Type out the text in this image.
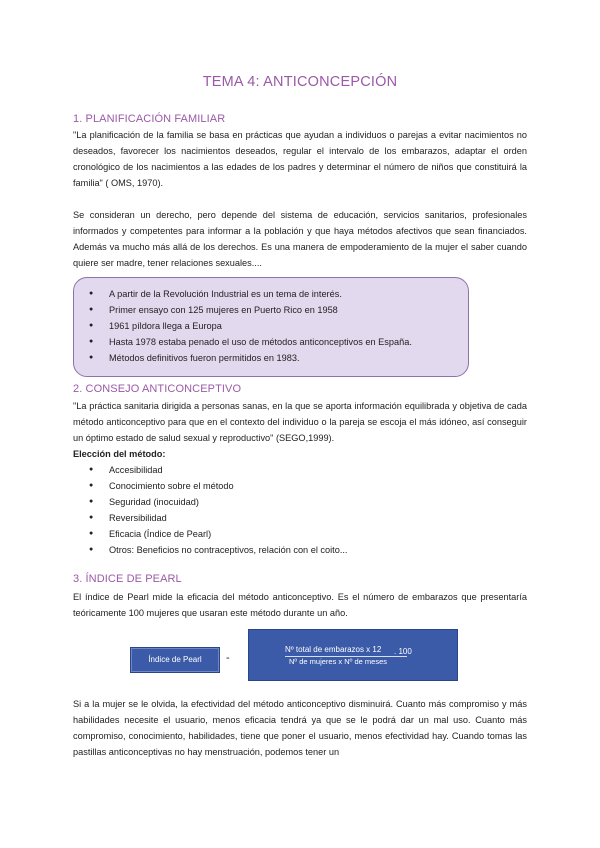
TEMA 4: ANTICONCEPCIÓN
1. PLANIFICACIÓN FAMILIAR
"La planificación de la familia se basa en prácticas que ayudan a individuos o parejas a evitar nacimientos no deseados, favorecer los nacimientos deseados, regular el intervalo de los embarazos, adaptar el orden cronológico de los nacimientos a las edades de los padres y determinar el número de niños que constituirá la familia" ( OMS, 1970).
Se consideran un derecho, pero depende del sistema de educación, servicios sanitarios, profesionales informados y competentes para informar a la población y que haya métodos afectivos que sean financiados. Además va mucho más allá de los derechos. Es una manera de empoderamiento de la mujer el saber cuando quiere ser madre, tener relaciones sexuales....
● A partir de la Revolución Industrial es un tema de interés.
● Primer ensayo con 125 mujeres en Puerto Rico en 1958
● 1961 píldora llega a Europa
● Hasta 1978 estaba penado el uso de métodos anticonceptivos en España.
● Métodos definitivos fueron permitidos en 1983.
2. CONSEJO ANTICONCEPTIVO
"La práctica sanitaria dirigida a personas sanas, en la que se aporta información equilibrada y objetiva de cada método anticonceptivo para que en el contexto del individuo o la pareja se escoja el más idóneo, así conseguir un óptimo estado de salud sexual y reproductivo" (SEGO,1999).
Elección del método:
● Accesibilidad
● Conocimiento sobre el método
● Seguridad (inocuidad)
● Reversibilidad
● Eficacia (Índice de Pearl)
● Otros: Beneficios no contraceptivos, relación con el coito...
3. ÍNDICE DE PEARL
El índice de Pearl mide la eficacia del método anticonceptivo. Es el número de embarazos que presentaría teóricamente 100 mujeres que usaran este método durante un año.
Índice de Pearl	-
Nº total de embarazos x 12
Nº de mujeres x Nº de meses
. 100
Si a la mujer se le olvida, la efectividad del método anticonceptivo disminuirá. Cuanto más compromiso y más habilidades necesite el usuario, menos eficacia tendrá ya que se le podrá dar un mal uso. Cuanto más compromiso, conocimiento, habilidades, tiene que poner el usuario, menos efectividad hay. Cuando tomas las pastillas anticonceptivas no hay menstruación, podemos tener un
